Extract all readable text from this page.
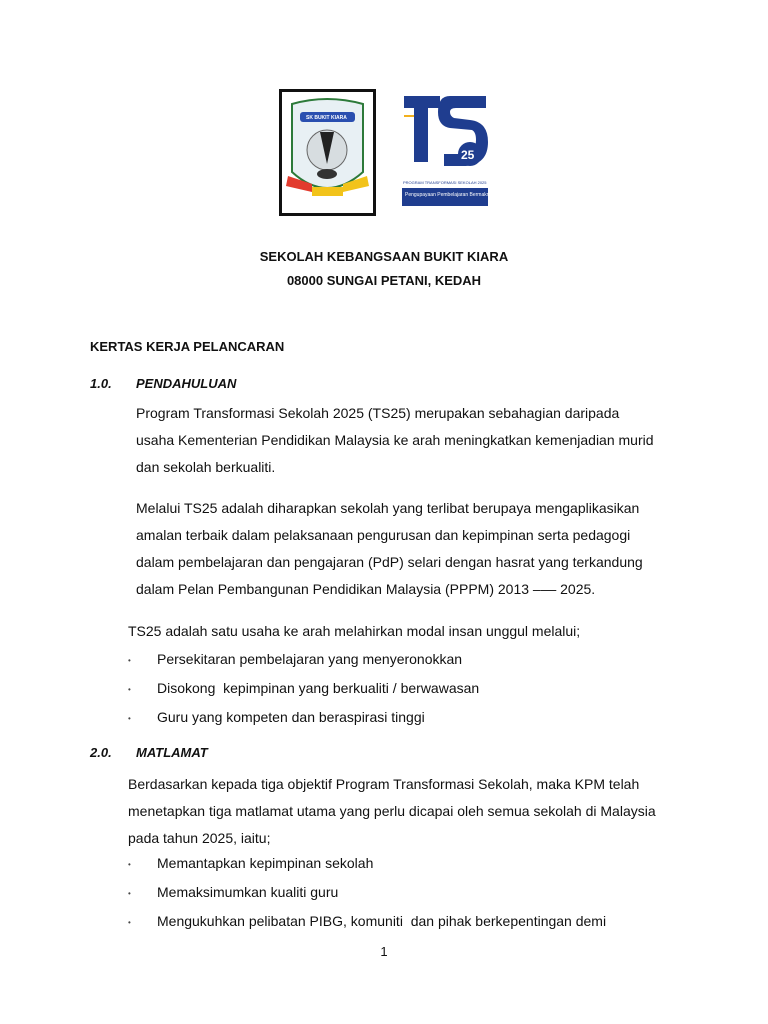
SK BUKIT KIARA
25
PROGRAM TRANSFORMASI SEKOLAH 2025
Pengupayaan Pembelajaran Bermakna
SEKOLAH KEBANGSAAN BUKIT KIARA
08000 SUNGAI PETANI, KEDAH
KERTAS KERJA PELANCARAN
1.0. PENDAHULUAN
Program Transformasi Sekolah 2025 (TS25) merupakan sebahagian daripada
usaha Kementerian Pendidikan Malaysia ke arah meningkatkan kemenjadian murid
dan sekolah berkualiti.
Melalui TS25 adalah diharapkan sekolah yang terlibat berupaya mengaplikasikan
amalan terbaik dalam pelaksanaan pengurusan dan kepimpinan serta pedagogi
dalam pembelajaran dan pengajaran (PdP) selari dengan hasrat yang terkandung
dalam Pelan Pembangunan Pendidikan Malaysia (PPPM) 2013 ––– 2025.
TS25 adalah satu usaha ke arah melahirkan modal insan unggul melalui;
• Persekitaran pembelajaran yang menyeronokkan
• Disokong  kepimpinan yang berkualiti / berwawasan
• Guru yang kompeten dan beraspirasi tinggi
2.0. MATLAMAT
Berdasarkan kepada tiga objektif Program Transformasi Sekolah, maka KPM telah
menetapkan tiga matlamat utama yang perlu dicapai oleh semua sekolah di Malaysia
pada tahun 2025, iaitu;
• Memantapkan kepimpinan sekolah
• Memaksimumkan kualiti guru
• Mengukuhkan pelibatan PIBG, komuniti  dan pihak berkepentingan demi
1
